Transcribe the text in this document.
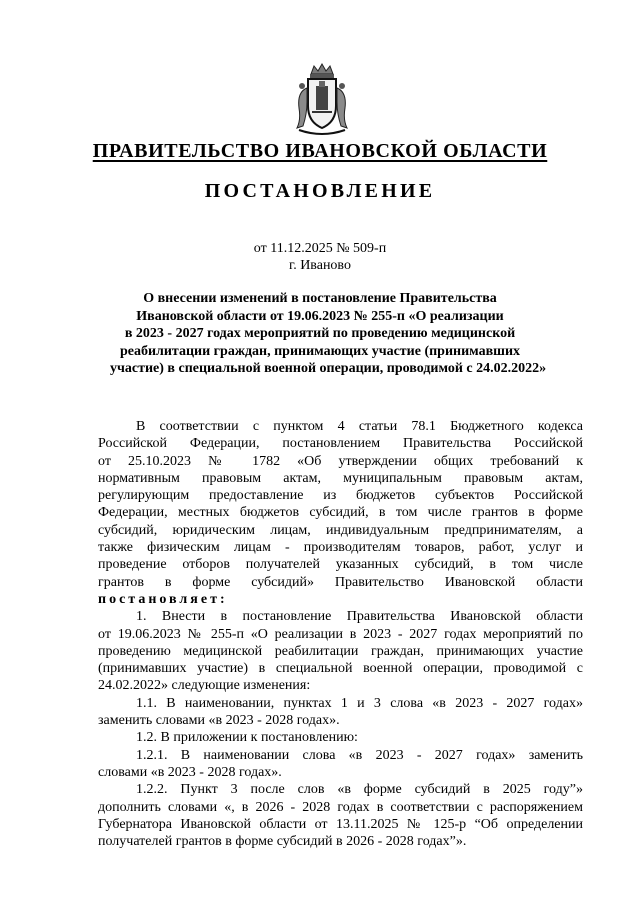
ПРАВИТЕЛЬСТВО ИВАНОВСКОЙ ОБЛАСТИ
ПОСТАНОВЛЕНИЕ
от 11.12.2025 № 509-п
г. Иваново
О внесении изменений в постановление Правительства
Ивановской области от 19.06.2023 № 255-п «О реализации
в 2023 - 2027 годах мероприятий по проведению медицинской
реабилитации граждан, принимающих участие (принимавших
участие) в специальной военной операции, проводимой с 24.02.2022»
В соответствии с пунктом 4 статьи 78.1 Бюджетного кодекса
Российской Федерации, постановлением Правительства Российской
от 25.10.2023 № 1782 «Об утверждении общих требований к
нормативным правовым актам, муниципальным правовым актам,
регулирующим предоставление из бюджетов субъектов Российской
Федерации, местных бюджетов субсидий, в том числе грантов в форме
субсидий, юридическим лицам, индивидуальным предпринимателям, а
также физическим лицам - производителям товаров, работ, услуг и
проведение отборов получателей указанных субсидий, в том числе
грантов в форме субсидий» Правительство Ивановской области
постановляет:
1. Внести в постановление Правительства Ивановской области
от 19.06.2023 № 255-п «О реализации в 2023 - 2027 годах мероприятий по
проведению медицинской реабилитации граждан, принимающих участие
(принимавших участие) в специальной военной операции, проводимой с
24.02.2022» следующие изменения:
1.1. В наименовании, пунктах 1 и 3 слова «в 2023 - 2027 годах»
заменить словами «в 2023 - 2028 годах».
1.2. В приложении к постановлению:
1.2.1. В наименовании слова «в 2023 - 2027 годах» заменить
словами «в 2023 - 2028 годах».
1.2.2. Пункт 3 после слов «в форме субсидий в 2025 году”»
дополнить словами «, в 2026 - 2028 годах в соответствии с распоряжением
Губернатора Ивановской области от 13.11.2025 № 125-р “Об определении
получателей грантов в форме субсидий в 2026 - 2028 годах”».
